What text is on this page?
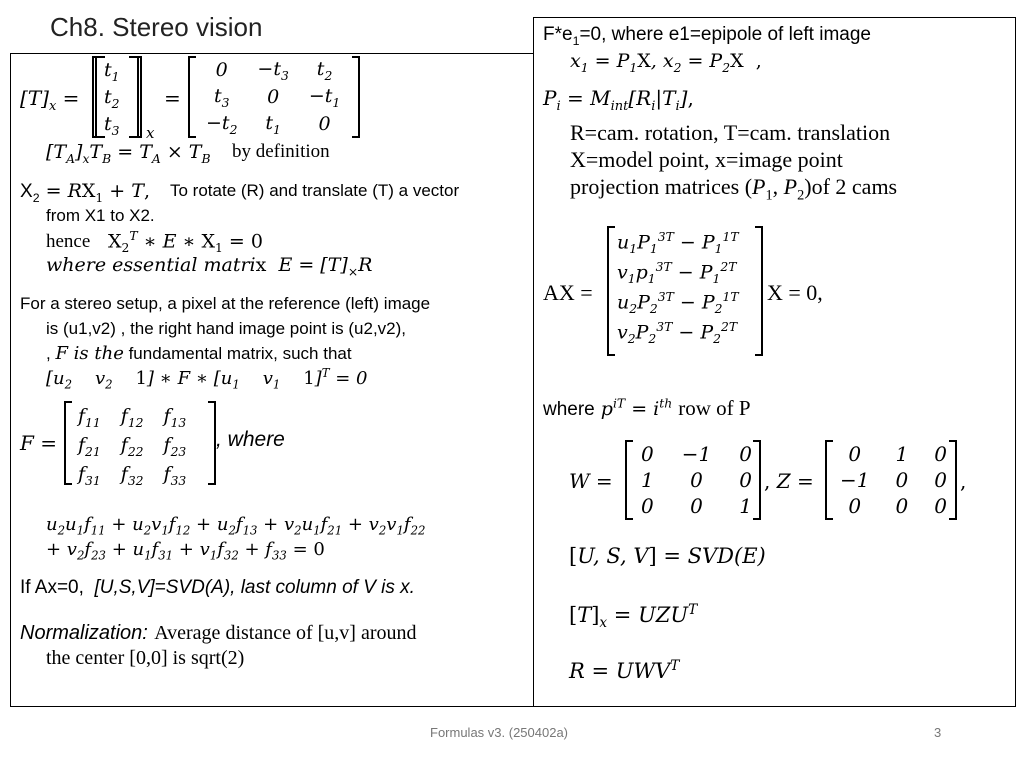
Ch8. Stereo vision
$[T]_x$ =
$t_1$
$t_2$
$t_3$ x
=
0	$-t_3$	$t_2$
$t_3$	0	$-t_1$
$-t_2$	$t_1$	0
$[T_A]_xT_B = T_A \times T_B$ by definition
$X_2 = RX_1 + T$, To rotate (R) and translate (T) a vector
from X1 to X2.
hence $X_2^T$ ∗ E ∗ $X_1 = 0$
where essential matrix  $E = [T]_\times R$
For a stereo setup, a pixel at the reference (left) image
is (u1,v2) , the right hand image point is (u2,v2),
, F is the fundamental matrix, such that
[$u_2$    $v_2$ 1] ∗ F ∗ [$u_1$    $v_1$ 1]$^T$ = 0
F =
$f_{11}$	$f_{12}$	$f_{13}$
$f_{21}$	$f_{22}$	$f_{23}$
$f_{31}$	$f_{32}$	$f_{33}$
, where
$u_2u_1f_{11} + u_2v_1f_{12} + u_2f_{13} + v_2u_1f_{21} + v_2v_1f_{22}$
+ $v_2f_{23} + u_1f_{31} + v_1f_{32} + f_{33} = 0$
If Ax=0, [U,S,V]=SVD(A), last column of V is x.
Normalization: Average distance of [u,v] around
the center [0,0] is sqrt(2)
$F*e_1=0$, where e1=epipole of left image
$x_1 = P_1X$, $x_2 = P_2X$ ,
$P_i = M_{int}[R_i|T_i]$,
R=cam. rotation, T=cam. translation
X=model point, x=image point
projection matrices ($P_1$, $P_2)of$ 2 cams
AX =
$u_1P_1^{3T} - P_1^{1T}$
$v_1p_1^{3T} - P_1^{2T}$
$u_2P_2^{3T} - P_2^{1T}$
$v_2P_2^{3T} - P_2^{2T}$
X = 0,
where $p^{iT} = i^{th}$ row of P
W =
0	−1	0
1	0	0
0	0	1
, Z =
0	1	0
−1	0	0
0	0	0
,
[U, S, V] = SVD(E)
$[T]_x = UZU^T$
$R = UWV^T$
Formulas v3. (250402a)	3
